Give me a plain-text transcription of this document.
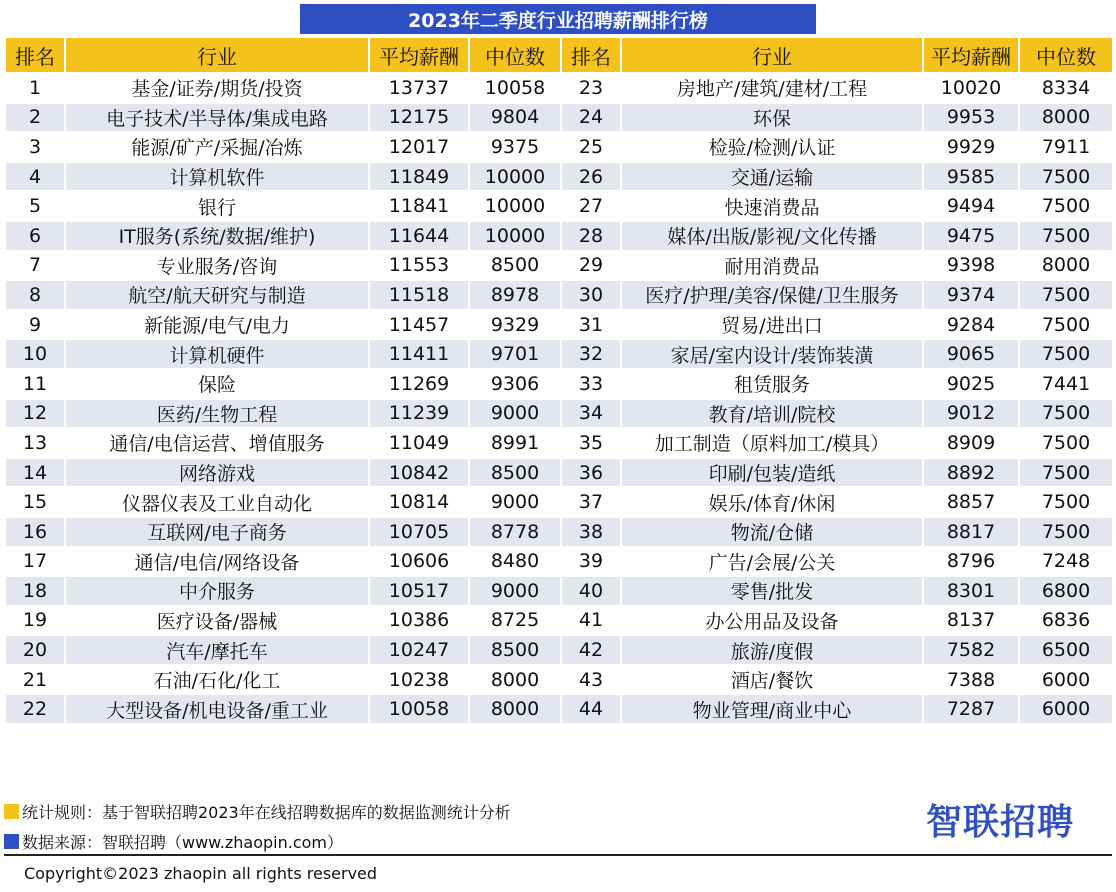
2023年二季度行业招聘薪酬排行榜
排名	行业	平均薪酬	中位数	排名	行业	平均薪酬	中位数
1	基金/证券/期货/投资	13737	10058	23	房地产/建筑/建材/工程	10020	8334
2	电子技术/半导体/集成电路	12175	9804	24	环保	9953	8000
3	能源/矿产/采掘/冶炼	12017	9375	25	检验/检测/认证	9929	7911
4	计算机软件	11849	10000	26	交通/运输	9585	7500
5	银行	11841	10000	27	快速消费品	9494	7500
6	IT服务(系统/数据/维护)	11644	10000	28	媒体/出版/影视/文化传播	9475	7500
7	专业服务/咨询	11553	8500	29	耐用消费品	9398	8000
8	航空/航天研究与制造	11518	8978	30	医疗/护理/美容/保健/卫生服务	9374	7500
9	新能源/电气/电力	11457	9329	31	贸易/进出口	9284	7500
10	计算机硬件	11411	9701	32	家居/室内设计/装饰装潢	9065	7500
11	保险	11269	9306	33	租赁服务	9025	7441
12	医药/生物工程	11239	9000	34	教育/培训/院校	9012	7500
13	通信/电信运营、增值服务	11049	8991	35	加工制造（原料加工/模具）	8909	7500
14	网络游戏	10842	8500	36	印刷/包装/造纸	8892	7500
15	仪器仪表及工业自动化	10814	9000	37	娱乐/体育/休闲	8857	7500
16	互联网/电子商务	10705	8778	38	物流/仓储	8817	7500
17	通信/电信/网络设备	10606	8480	39	广告/会展/公关	8796	7248
18	中介服务	10517	9000	40	零售/批发	8301	6800
19	医疗设备/器械	10386	8725	41	办公用品及设备	8137	6836
20	汽车/摩托车	10247	8500	42	旅游/度假	7582	6500
21	石油/石化/化工	10238	8000	43	酒店/餐饮	7388	6000
22	大型设备/机电设备/重工业	10058	8000	44	物业管理/商业中心	7287	6000
统计规则：基于智联招聘2023年在线招聘数据库的数据监测统计分析
数据来源：智联招聘（www.zhaopin.com）	智联招聘
Copyright©2023 zhaopin all rights reserved
